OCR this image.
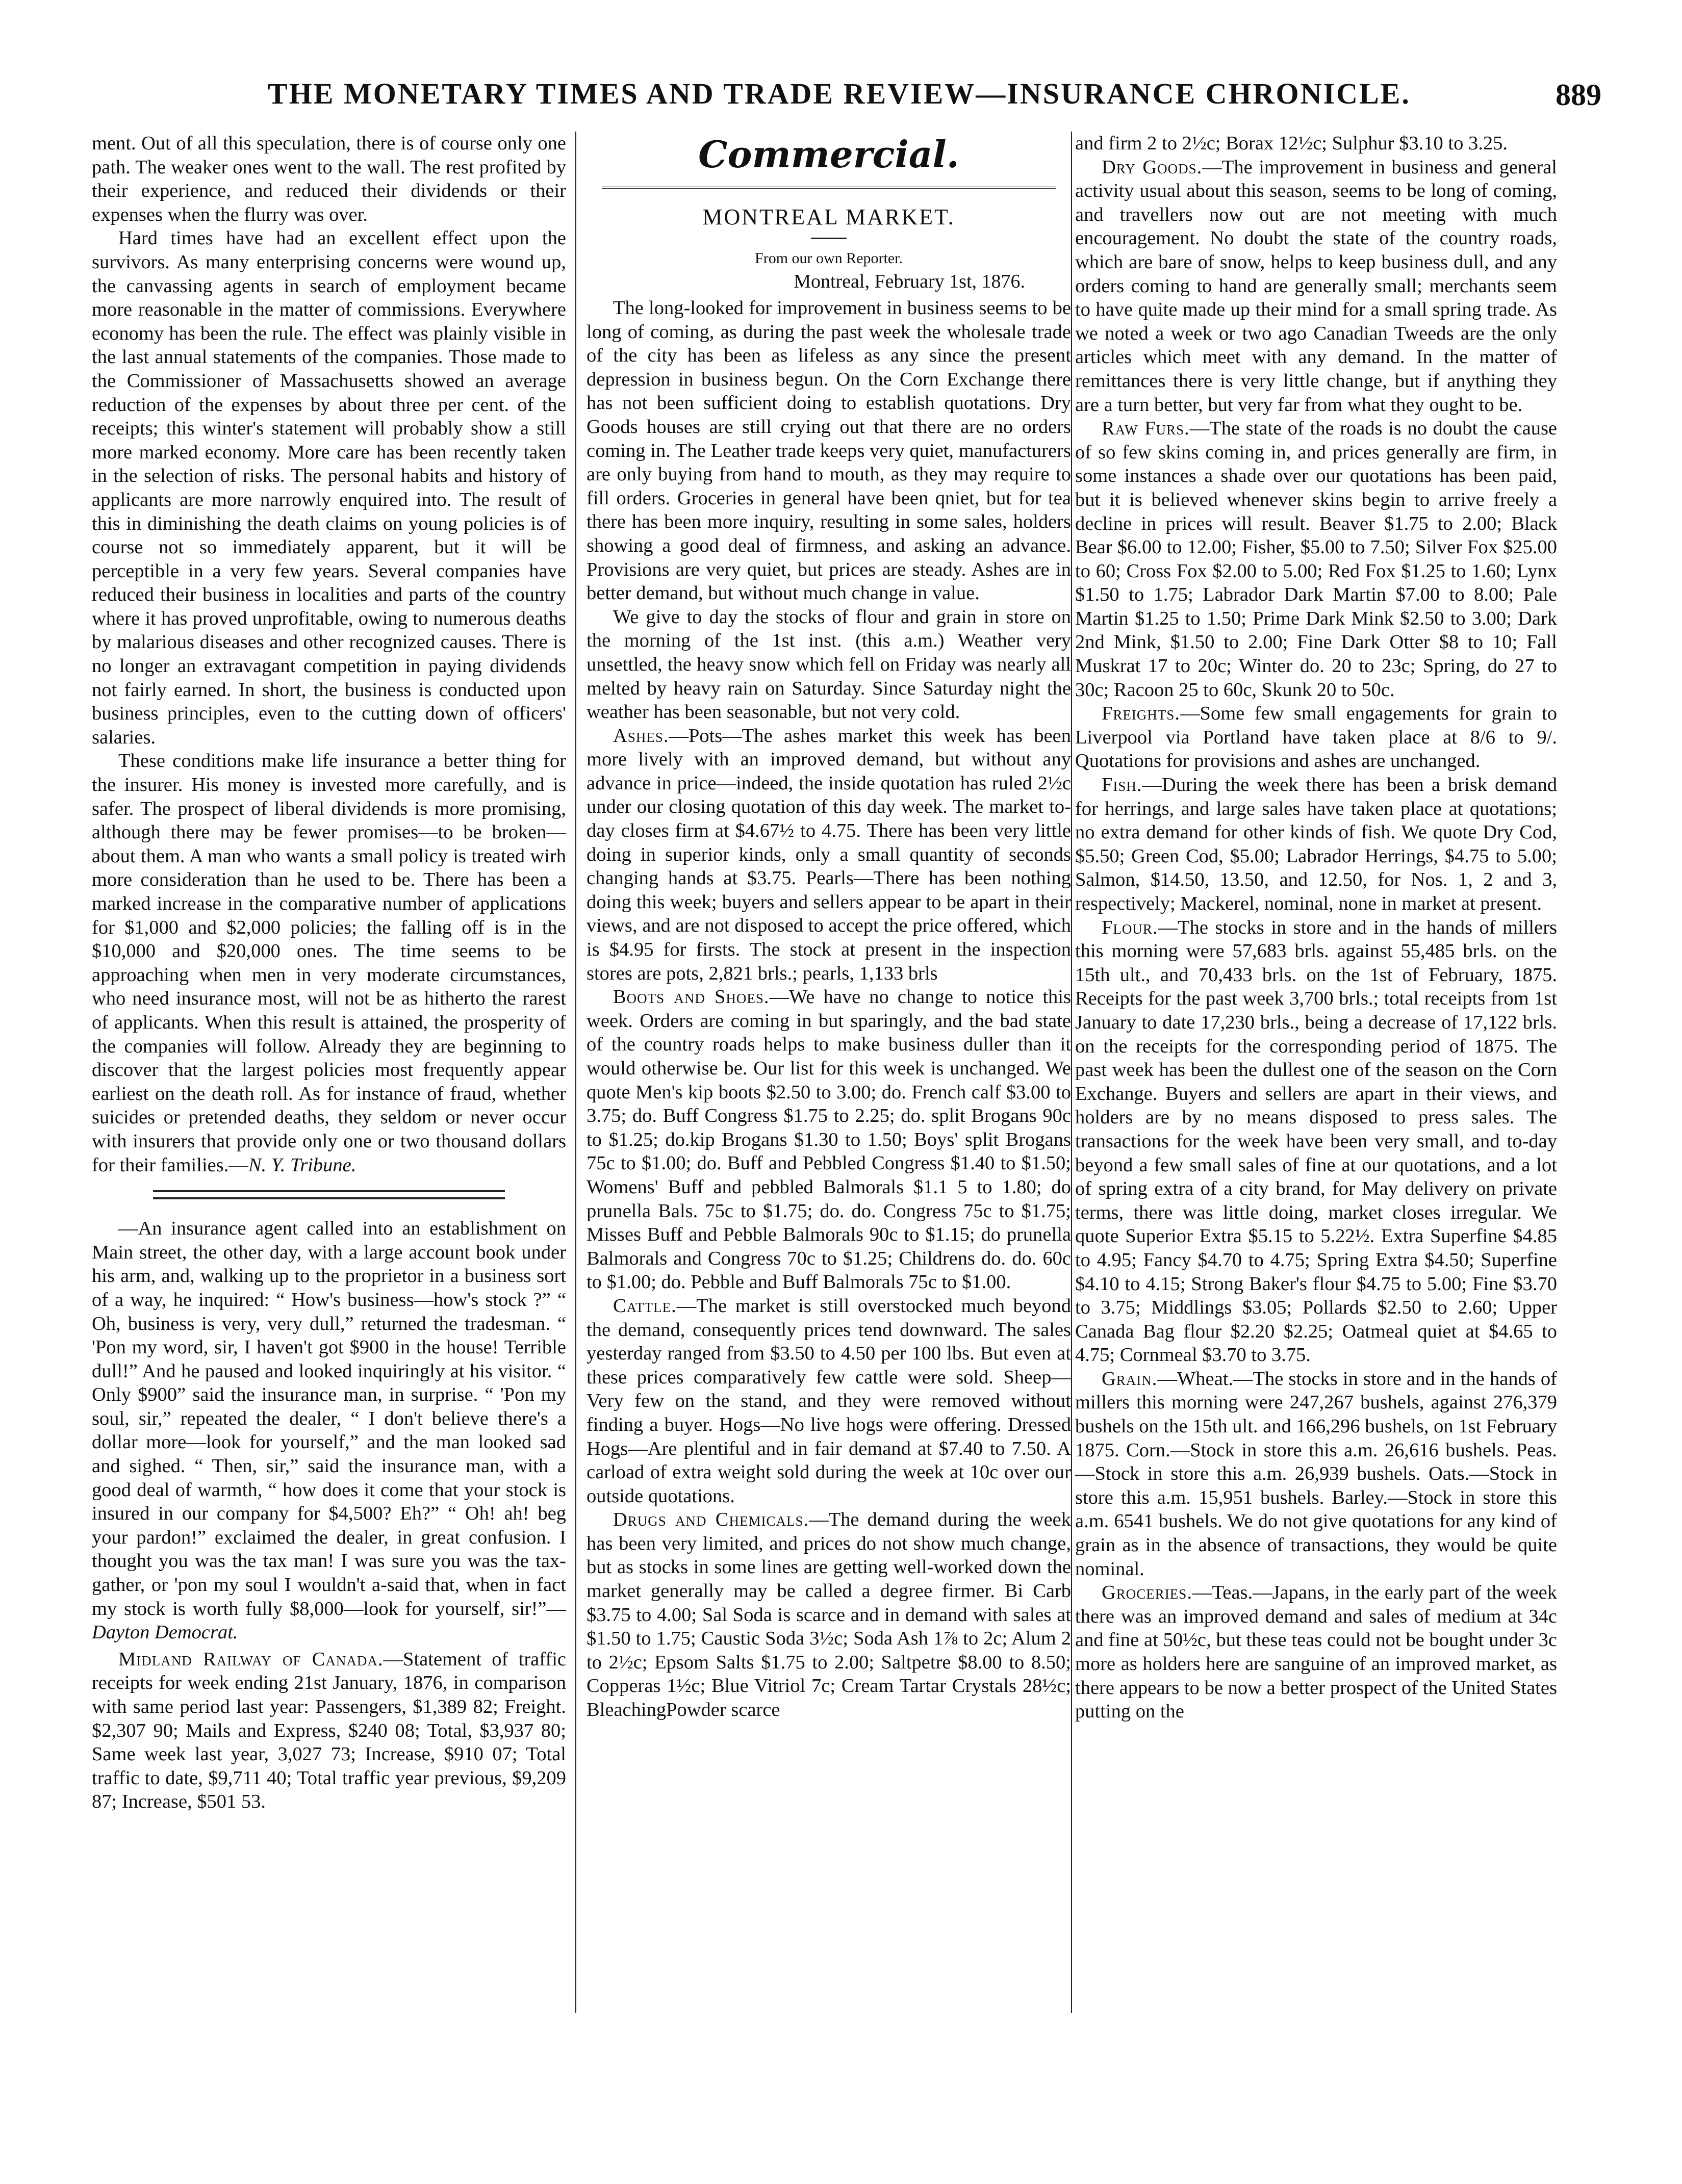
THE MONETARY TIMES AND TRADE REVIEW—INSURANCE CHRONICLE.	889

ment. Out of all this speculation, there is of course only one path. The weaker ones went to the wall. The rest profited by their experience, and reduced their dividends or their expenses when the flurry was over.

Hard times have had an excellent effect upon the survivors. As many enterprising concerns were wound up, the canvassing agents in search of employment became more reasonable in the matter of commissions. Everywhere economy has been the rule. The effect was plainly visible in the last annual statements of the companies. Those made to the Commissioner of Massachusetts showed an average reduction of the expenses by about three per cent. of the receipts; this winter's statement will probably show a still more marked economy. More care has been recently taken in the selection of risks. The personal habits and history of applicants are more narrowly enquired into. The result of this in diminishing the death claims on young policies is of course not so immediately apparent, but it will be perceptible in a very few years. Several companies have reduced their business in localities and parts of the country where it has proved unprofitable, owing to numerous deaths by malarious diseases and other recognized causes. There is no longer an extravagant competition in paying dividends not fairly earned. In short, the business is conducted upon business principles, even to the cutting down of officers' salaries.

These conditions make life insurance a better thing for the insurer. His money is invested more carefully, and is safer. The prospect of liberal dividends is more promising, although there may be fewer promises—to be broken—about them. A man who wants a small policy is treated wirh more consideration than he used to be. There has been a marked increase in the comparative number of applications for $1,000 and $2,000 policies; the falling off is in the $10,000 and $20,000 ones. The time seems to be approaching when men in very moderate circumstances, who need insurance most, will not be as hitherto the rarest of applicants. When this result is attained, the prosperity of the companies will follow. Already they are beginning to discover that the largest policies most frequently appear earliest on the death roll. As for instance of fraud, whether suicides or pretended deaths, they seldom or never occur with insurers that provide only one or two thousand dollars for their families.—N. Y. Tribune.

—An insurance agent called into an establishment on Main street, the other day, with a large account book under his arm, and, walking up to the proprietor in a business sort of a way, he inquired: “ How's business—how's stock ?” “ Oh, business is very, very dull,” returned the tradesman. “ 'Pon my word, sir, I haven't got $900 in the house! Terrible dull!” And he paused and looked inquiringly at his visitor. “ Only $900” said the insurance man, in surprise. “ 'Pon my soul, sir,” repeated the dealer, “ I don't believe there's a dollar more—look for yourself,” and the man looked sad and sighed. “ Then, sir,” said the insurance man, with a good deal of warmth, “ how does it come that your stock is insured in our company for $4,500? Eh?” “ Oh! ah! beg your pardon!” exclaimed the dealer, in great confusion. I thought you was the tax man! I was sure you was the tax-gather, or 'pon my soul I wouldn't a-said that, when in fact my stock is worth fully $8,000—look for yourself, sir!”—Dayton Democrat.

Midland Railway of Canada.—Statement of traffic receipts for week ending 21st January, 1876, in comparison with same period last year: Passengers, $1,389 82; Freight. $2,307 90; Mails and Express, $240 08; Total, $3,937 80; Same week last year, 3,027 73; Increase, $910 07; Total traffic to date, $9,711 40; Total traffic year previous, $9,209 87; Increase, $501 53.

Commercial.
MONTREAL MARKET.
From our own Reporter.
Montreal, February 1st, 1876.

The long-looked for improvement in business seems to be long of coming, as during the past week the wholesale trade of the city has been as lifeless as any since the present depression in business begun. On the Corn Exchange there has not been sufficient doing to establish quotations. Dry Goods houses are still crying out that there are no orders coming in. The Leather trade keeps very quiet, manufacturers are only buying from hand to mouth, as they may require to fill orders. Groceries in general have been qniet, but for tea there has been more inquiry, resulting in some sales, holders showing a good deal of firmness, and asking an advance. Provisions are very quiet, but prices are steady. Ashes are in better demand, but without much change in value.

We give to day the stocks of flour and grain in store on the morning of the 1st inst. (this a.m.) Weather very unsettled, the heavy snow which fell on Friday was nearly all melted by heavy rain on Saturday. Since Saturday night the weather has been seasonable, but not very cold.

Ashes.—Pots—The ashes market this week has been more lively with an improved demand, but without any advance in price—indeed, the inside quotation has ruled 2½c under our closing quotation of this day week. The market to-day closes firm at $4.67½ to 4.75. There has been very little doing in superior kinds, only a small quantity of seconds changing hands at $3.75. Pearls—There has been nothing doing this week; buyers and sellers appear to be apart in their views, and are not disposed to accept the price offered, which is $4.95 for firsts. The stock at present in the inspection stores are pots, 2,821 brls.; pearls, 1,133 brls

Boots and Shoes.—We have no change to notice this week. Orders are coming in but sparingly, and the bad state of the country roads helps to make business duller than it would otherwise be. Our list for this week is unchanged. We quote Men's kip boots $2.50 to 3.00; do. French calf $3.00 to 3.75; do. Buff Congress $1.75 to 2.25; do. split Brogans 90c to $1.25; do.kip Brogans $1.30 to 1.50; Boys' split Brogans 75c to $1.00; do. Buff and Pebbled Congress $1.40 to $1.50; Womens' Buff and pebbled Balmorals $1.1 5 to 1.80; do prunella Bals. 75c to $1.75; do. do. Congress 75c to $1.75; Misses Buff and Pebble Balmorals 90c to $1.15; do prunella Balmorals and Congress 70c to $1.25; Childrens do. do. 60c to $1.00; do. Pebble and Buff Balmorals 75c to $1.00.

Cattle.—The market is still overstocked much beyond the demand, consequently prices tend downward. The sales yesterday ranged from $3.50 to 4.50 per 100 lbs. But even at these prices comparatively few cattle were sold. Sheep—Very few on the stand, and they were removed without finding a buyer. Hogs—No live hogs were offering. Dressed Hogs—Are plentiful and in fair demand at $7.40 to 7.50. A carload of extra weight sold during the week at 10c over our outside quotations.

Drugs and Chemicals.—The demand during the week has been very limited, and prices do not show much change, but as stocks in some lines are getting well-worked down the market generally may be called a degree firmer. Bi Carb $3.75 to 4.00; Sal Soda is scarce and in demand with sales at $1.50 to 1.75; Caustic Soda 3½c; Soda Ash 1⅞ to 2c; Alum 2 to 2½c; Epsom Salts $1.75 to 2.00; Saltpetre $8.00 to 8.50; Copperas 1½c; Blue Vitriol 7c; Cream Tartar Crystals 28½c; BleachingPowder scarce

and firm 2 to 2½c; Borax 12½c; Sulphur $3.10 to 3.25.

Dry Goods.—The improvement in business and general activity usual about this season, seems to be long of coming, and travellers now out are not meeting with much encouragement. No doubt the state of the country roads, which are bare of snow, helps to keep business dull, and any orders coming to hand are generally small; merchants seem to have quite made up their mind for a small spring trade. As we noted a week or two ago Canadian Tweeds are the only articles which meet with any demand. In the matter of remittances there is very little change, but if anything they are a turn better, but very far from what they ought to be.

Raw Furs.—The state of the roads is no doubt the cause of so few skins coming in, and prices generally are firm, in some instances a shade over our quotations has been paid, but it is believed whenever skins begin to arrive freely a decline in prices will result. Beaver $1.75 to 2.00; Black Bear $6.00 to 12.00; Fisher, $5.00 to 7.50; Silver Fox $25.00 to 60; Cross Fox $2.00 to 5.00; Red Fox $1.25 to 1.60; Lynx $1.50 to 1.75; Labrador Dark Martin $7.00 to 8.00; Pale Martin $1.25 to 1.50; Prime Dark Mink $2.50 to 3.00; Dark 2nd Mink, $1.50 to 2.00; Fine Dark Otter $8 to 10; Fall Muskrat 17 to 20c; Winter do. 20 to 23c; Spring, do 27 to 30c; Racoon 25 to 60c, Skunk 20 to 50c.

Freights.—Some few small engagements for grain to Liverpool via Portland have taken place at 8/6 to 9/. Quotations for provisions and ashes are unchanged.

Fish.—During the week there has been a brisk demand for herrings, and large sales have taken place at quotations; no extra demand for other kinds of fish. We quote Dry Cod, $5.50; Green Cod, $5.00; Labrador Herrings, $4.75 to 5.00; Salmon, $14.50, 13.50, and 12.50, for Nos. 1, 2 and 3, respectively; Mackerel, nominal, none in market at present.

Flour.—The stocks in store and in the hands of millers this morning were 57,683 brls. against 55,485 brls. on the 15th ult., and 70,433 brls. on the 1st of February, 1875. Receipts for the past week 3,700 brls.; total receipts from 1st January to date 17,230 brls., being a decrease of 17,122 brls. on the receipts for the corresponding period of 1875. The past week has been the dullest one of the season on the Corn Exchange. Buyers and sellers are apart in their views, and holders are by no means disposed to press sales. The transactions for the week have been very small, and to-day beyond a few small sales of fine at our quotations, and a lot of spring extra of a city brand, for May delivery on private terms, there was little doing, market closes irregular. We quote Superior Extra $5.15 to 5.22½. Extra Superfine $4.85 to 4.95; Fancy $4.70 to 4.75; Spring Extra $4.50; Superfine $4.10 to 4.15; Strong Baker's flour $4.75 to 5.00; Fine $3.70 to 3.75; Middlings $3.05; Pollards $2.50 to 2.60; Upper Canada Bag flour $2.20 $2.25; Oatmeal quiet at $4.65 to 4.75; Cornmeal $3.70 to 3.75.

Grain.—Wheat.—The stocks in store and in the hands of millers this morning were 247,267 bushels, against 276,379 bushels on the 15th ult. and 166,296 bushels, on 1st February 1875. Corn.—Stock in store this a.m. 26,616 bushels. Peas.—Stock in store this a.m. 26,939 bushels. Oats.—Stock in store this a.m. 15,951 bushels. Barley.—Stock in store this a.m. 6541 bushels. We do not give quotations for any kind of grain as in the absence of transactions, they would be quite nominal.

Groceries.—Teas.—Japans, in the early part of the week there was an improved demand and sales of medium at 34c and fine at 50½c, but these teas could not be bought under 3c more as holders here are sanguine of an improved market, as there appears to be now a better prospect of the United States putting on the
